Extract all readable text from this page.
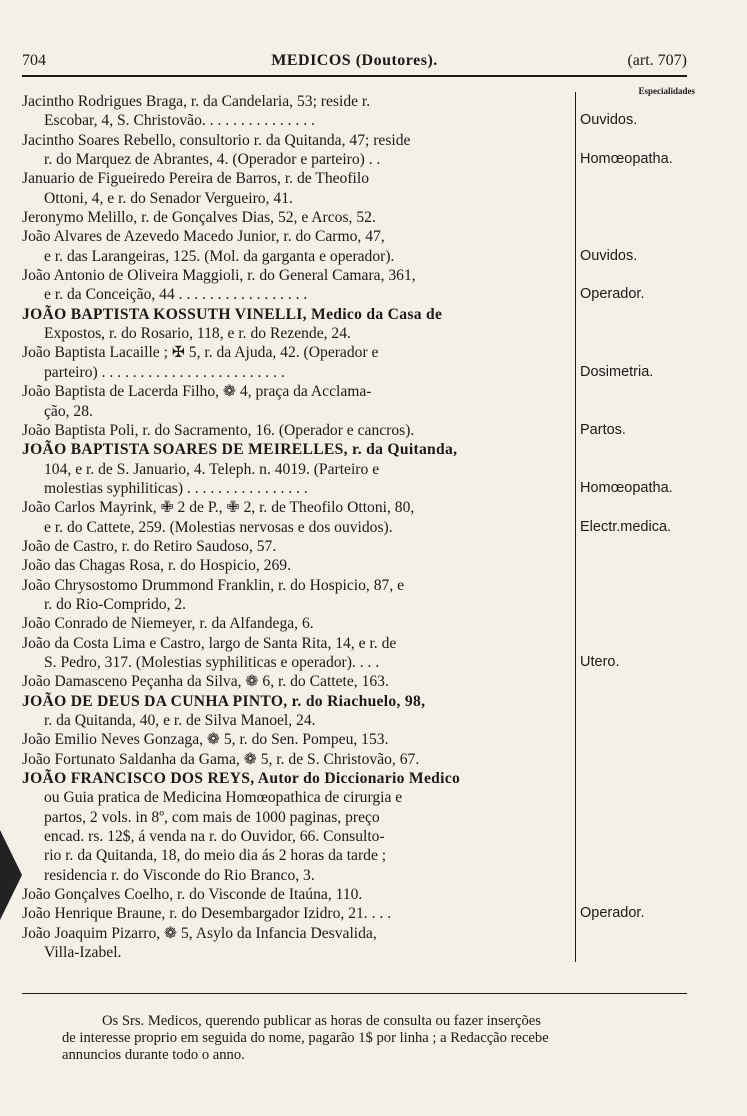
704	MEDICOS (Doutores).	(art. 707)
Especialidades
Jacintho Rodrigues Braga, r. da Candelaria, 53; reside r.
Escobar, 4, S. Christovão. . . . . . . . . . . . . . .	Ouvidos.
Jacintho Soares Rebello, consultorio r. da Quitanda, 47; reside
r. do Marquez de Abrantes, 4. (Operador e parteiro) . .	Homœopatha.
Januario de Figueiredo Pereira de Barros, r. de Theofilo
Ottoni, 4, e r. do Senador Vergueiro, 41.
Jeronymo Melillo, r. de Gonçalves Dias, 52, e Arcos, 52.
João Alvares de Azevedo Macedo Junior, r. do Carmo, 47,
e r. das Larangeiras, 125. (Mol. da garganta e operador).	Ouvidos.
João Antonio de Oliveira Maggioli, r. do General Camara, 361,
e r. da Conceição, 44 . . . . . . . . . . . . . . . . .	Operador.
JOÃO BAPTISTA KOSSUTH VINELLI, Medico da Casa de
Expostos, r. do Rosario, 118, e r. do Rezende, 24.
João Baptista Lacaille ; ✠ 5, r. da Ajuda, 42. (Operador e
parteiro) . . . . . . . . . . . . . . . . . . . . . . . .	Dosimetria.
João Baptista de Lacerda Filho, ❁ 4, praça da Acclama-
ção, 28.
João Baptista Poli, r. do Sacramento, 16. (Operador e cancros).	Partos.
JOÃO BAPTISTA SOARES DE MEIRELLES, r. da Quitanda,
104, e r. de S. Januario, 4. Teleph. n. 4019. (Parteiro e
molestias syphiliticas) . . . . . . . . . . . . . . . .	Homœopatha.
João Carlos Mayrink, ✙ 2 de P., ✙ 2, r. de Theofilo Ottoni, 80,
e r. do Cattete, 259. (Molestias nervosas e dos ouvidos).	Electr.medica.
João de Castro, r. do Retiro Saudoso, 57.
João das Chagas Rosa, r. do Hospicio, 269.
João Chrysostomo Drummond Franklin, r. do Hospicio, 87, e
r. do Rio-Comprido, 2.
João Conrado de Niemeyer, r. da Alfandega, 6.
João da Costa Lima e Castro, largo de Santa Rita, 14, e r. de
S. Pedro, 317. (Molestias syphiliticas e operador). . . .	Utero.
João Damasceno Peçanha da Silva, ❁ 6, r. do Cattete, 163.
JOÃO DE DEUS DA CUNHA PINTO, r. do Riachuelo, 98,
r. da Quitanda, 40, e r. de Silva Manoel, 24.
João Emilio Neves Gonzaga, ❁ 5, r. do Sen. Pompeu, 153.
João Fortunato Saldanha da Gama, ❁ 5, r. de S. Christovão, 67.
JOÃO FRANCISCO DOS REYS, Autor do Diccionario Medico
ou Guia pratica de Medicina Homœopathica de cirurgia e
partos, 2 vols. in 8º, com mais de 1000 paginas, preço
encad. rs. 12$, á venda na r. do Ouvidor, 66. Consulto-
rio r. da Quitanda, 18, do meio dia ás 2 horas da tarde ;
residencia r. do Visconde do Rio Branco, 3.
João Gonçalves Coelho, r. do Visconde de Itaúna, 110.
João Henrique Braune, r. do Desembargador Izidro, 21. . . .	Operador.
João Joaquim Pizarro, ❁ 5, Asylo da Infancia Desvalida,
Villa-Izabel.
Os Srs. Medicos, querendo publicar as horas de consulta ou fazer inserções
de interesse proprio em seguida do nome, pagarão 1$ por linha ; a Redacção recebe
annuncios durante todo o anno.
